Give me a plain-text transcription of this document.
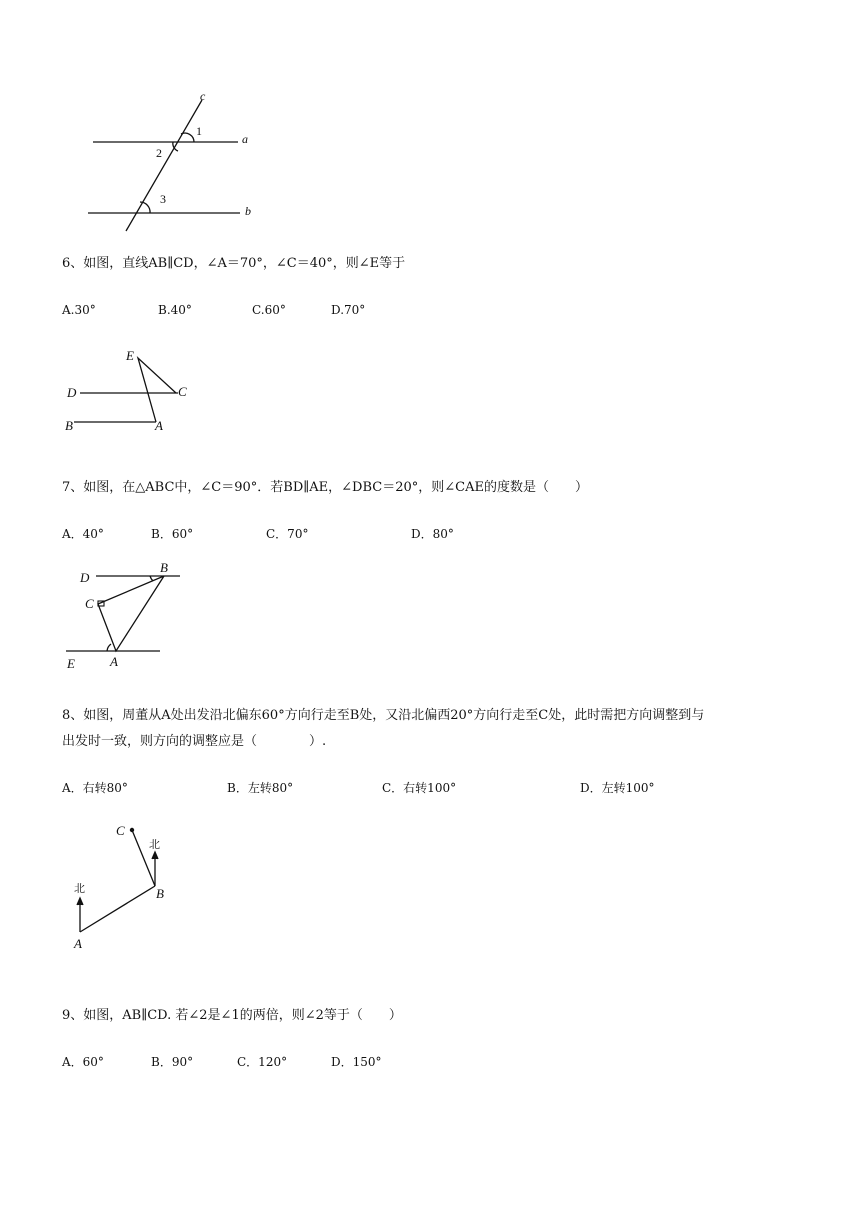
c
1
a
2
3
b
6、如图，直线AB∥CD，∠A＝70°，∠C＝40°，则∠E等于
A.30°	B.40°	C.60°	D.70°
E
D	C
B	A
7、如图，在△ABC中，∠C＝90°．若BD∥AE，∠DBC＝20°，则∠CAE的度数是（　　）
A．40°	B．60°	C．70°	D．80°
D
B
C
E	A
8、如图，周董从A处出发沿北偏东60°方向行走至B处，又沿北偏西20°方向行走至C处，此时需把方向调整到与
出发时一致，则方向的调整应是（　　　　）.
A．右转80°	B．左转80°	C．右转100°	D．左转100°
C
北
北	B
A
9、如图，AB∥CD. 若∠2是∠1的两倍，则∠2等于（　　）
A．60°	B．90°	C．120°	D．150°
